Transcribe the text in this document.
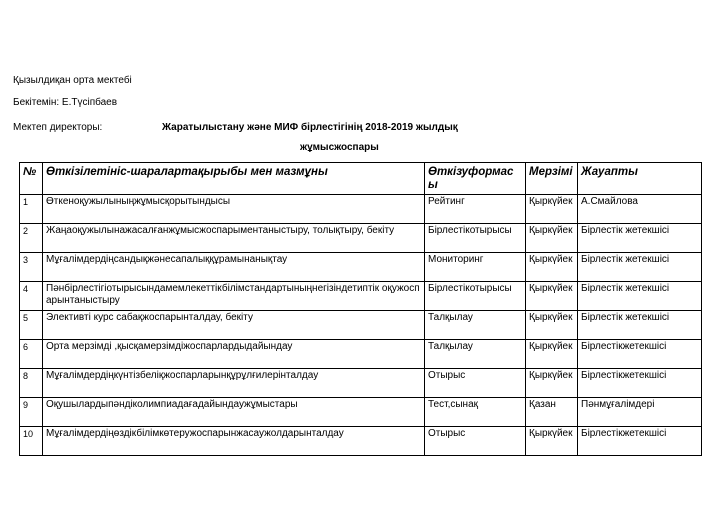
Қызылдиқан орта мектебі
Бекітемін: Е.Түсіпбаев
Мектеп директоры:	Жаратылыстану және МИФ бірлестігінің 2018-2019 жылдық
жұмысжоспары
№	Өткізілетініс-шаралартақырыбы мен мазмұны	Өткізуформасы	Мерзімі	Жауапты
1	Өткеноқужылыныңжұмысқорытындысы	Рейтинг	Қыркүйек	А.Смайлова
2	Жаңаоқужылынажасалғанжұмысжоспарыментаныстыру, толықтыру, бекіту	Бірлестікотырысы	Қыркүйек	Бірлестік жетекшісі
3	Мұғалімдердіңсандықжәнесапалыққұрамынанықтау	Мониторинг	Қыркүйек	Бірлестік жетекшісі
4	Пәнбірлестігіотырысындамемлекеттікбілімстандартыныңнегізіндетиптік оқужоспарынтаныстыру	Бірлестікотырысы	Қыркүйек	Бірлестік жетекшісі
5	Элективті курс сабақжоспарынталдау, бекіту	Талқылау	Қыркүйек	Бірлестік жетекшісі
6	Орта мерзімді ,қысқамерзімдіжоспарлардыдайындау	Талқылау	Қыркүйек	Бірлестікжетекшісі
8	Мұғалімдердіңкүнтізбеліқжоспарларынқұрұлғилерінталдау	Отырыс	Қыркүйек	Бірлестікжетекшісі
9	Оқушылардыпәндіколимпиадағадайындаужұмыстары	Тест,сынақ	Қазан	Пәнмұғалімдері
10	Мұғалімдердіңөздікбілімкөтеружоспарынжасаужолдарынталдау	Отырыс	Қыркүйек	Бірлестікжетекшісі
